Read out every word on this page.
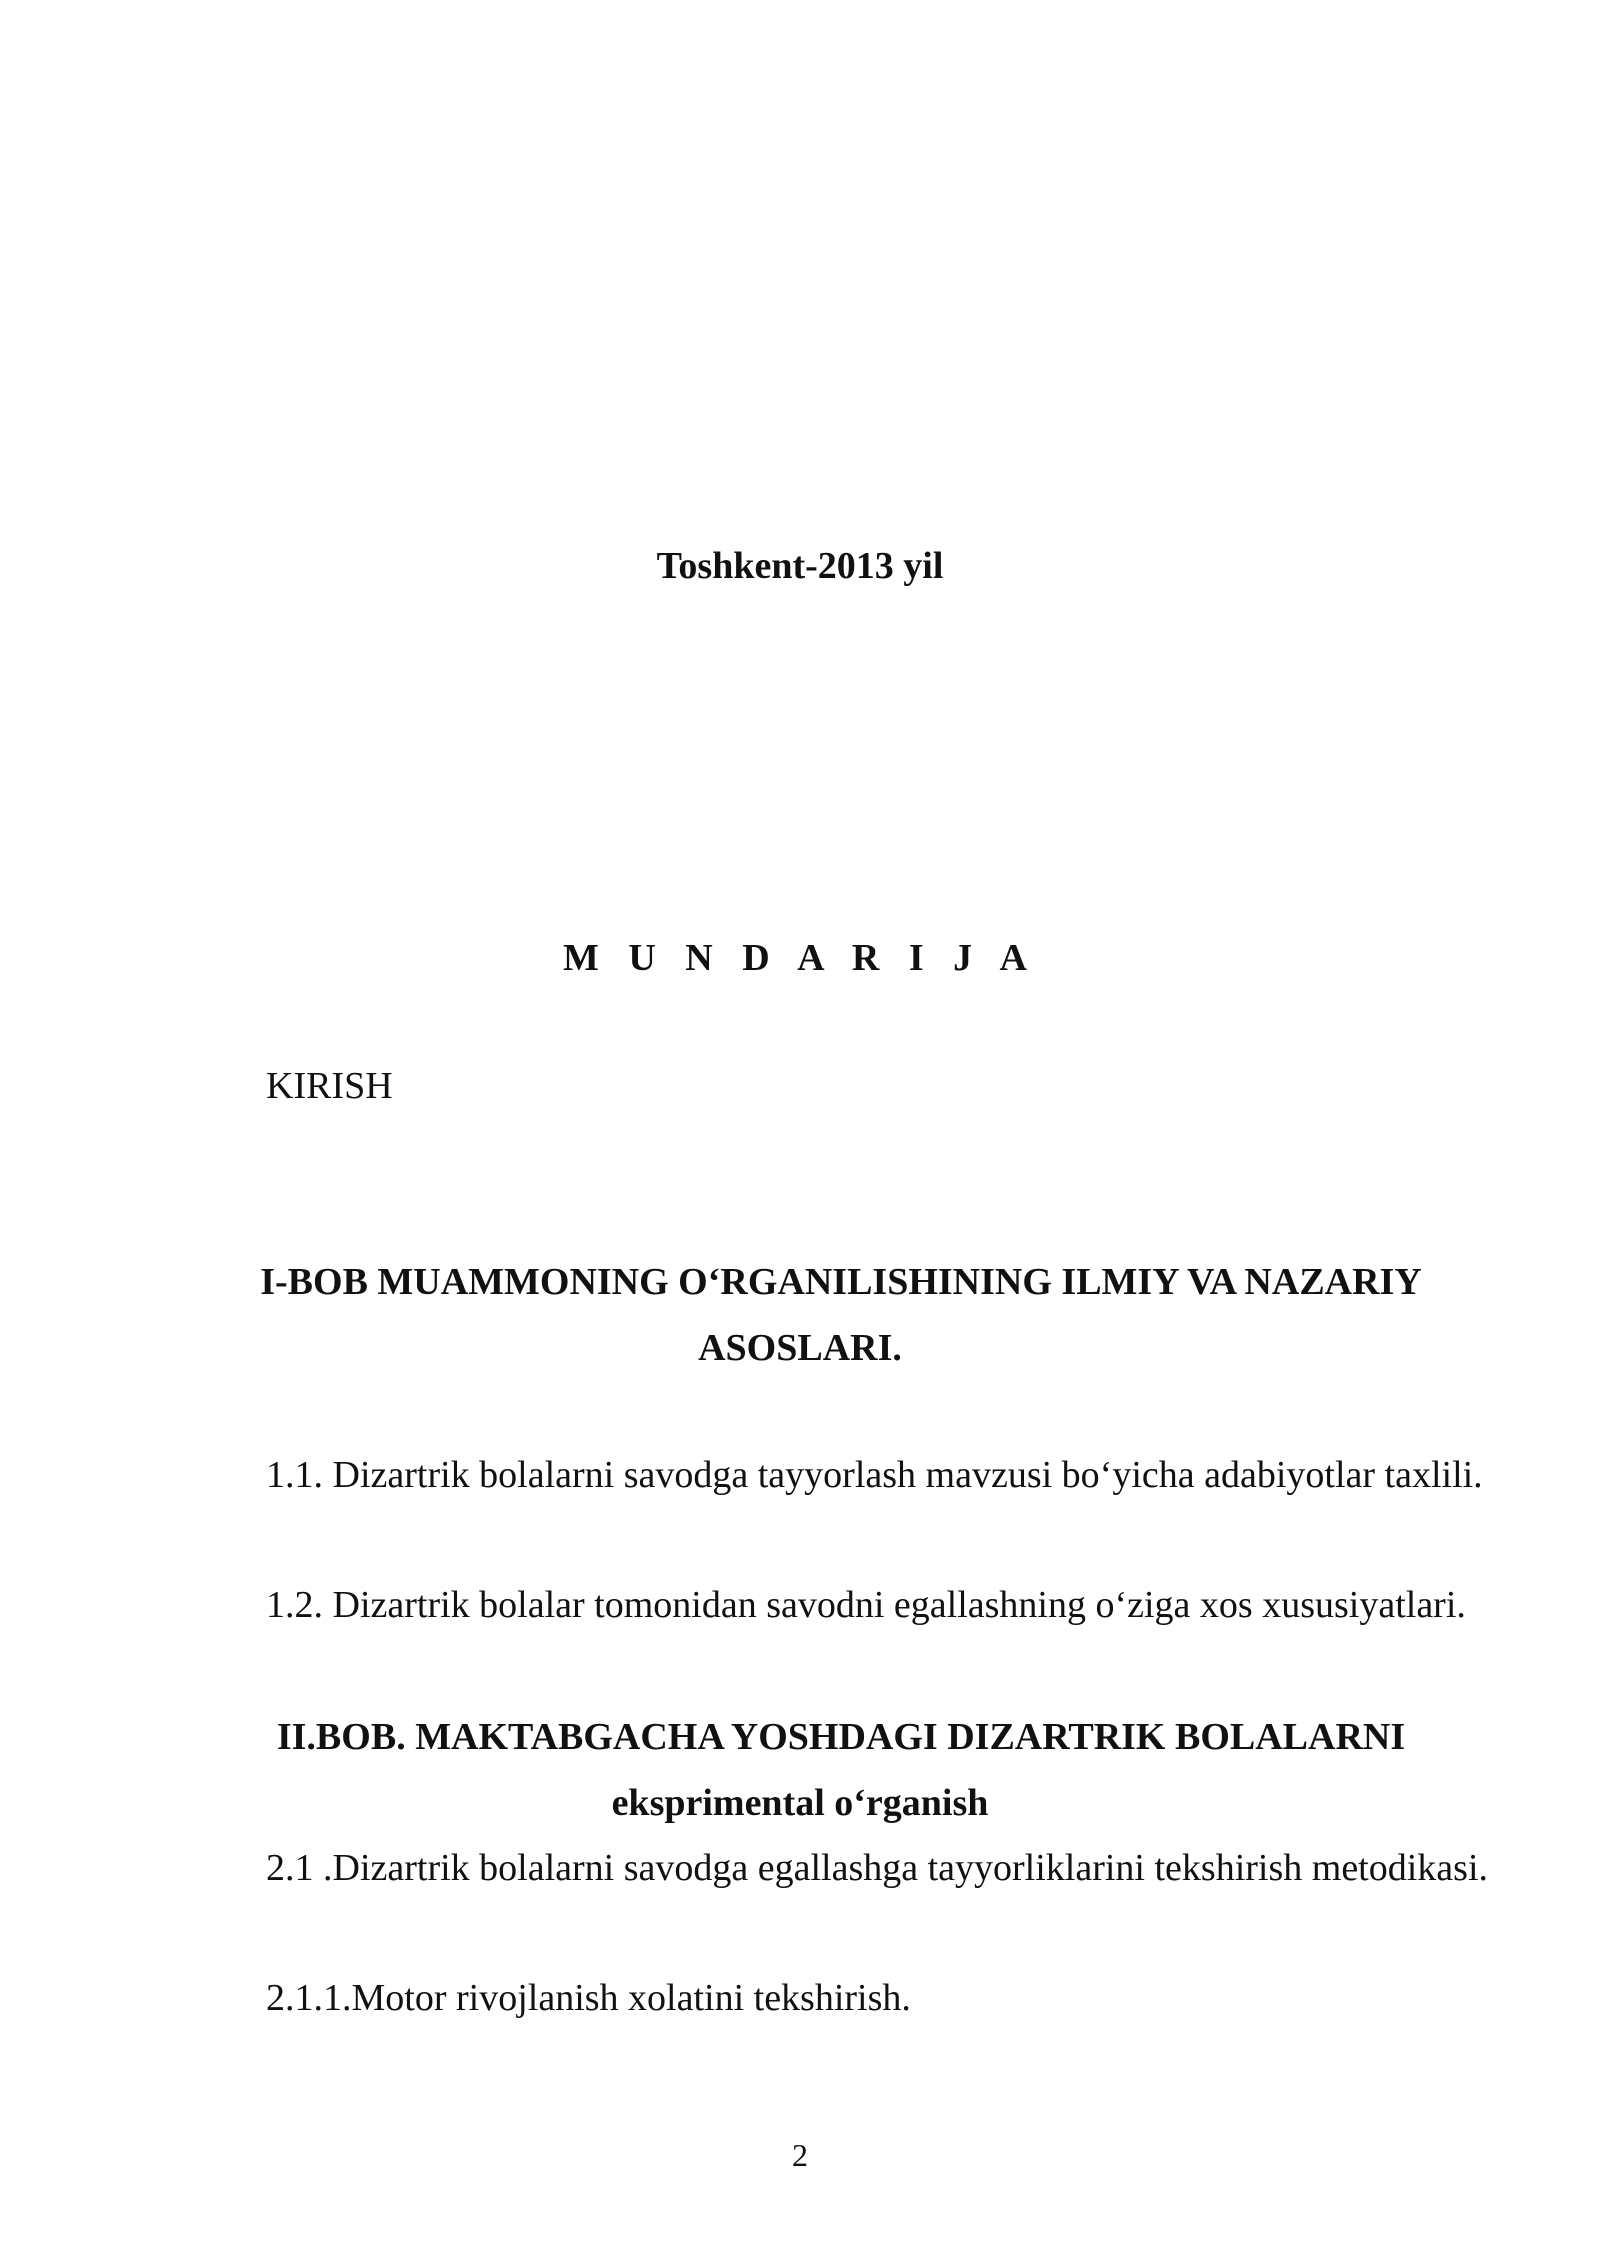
Toshkent-2013 yil
M U N D A R I J A
KIRISH
I-BOB MUAMMONING O‘RGANILISHINING ILMIY VA NAZARIY
ASOSLARI.
1.1. Dizartrik bolalarni savodga tayyorlash mavzusi bo‘yicha adabiyotlar taxlili.
1.2. Dizartrik bolalar tomonidan savodni egallashning o‘ziga xos xususiyatlari.
II.BOB. MAKTABGACHA YOSHDAGI DIZARTRIK BOLALARNI
eksprimental o‘rganish
2.1 .Dizartrik bolalarni savodga egallashga tayyorliklarini tekshirish metodikasi.
2.1.1.Motor rivojlanish xolatini tekshirish.
2
